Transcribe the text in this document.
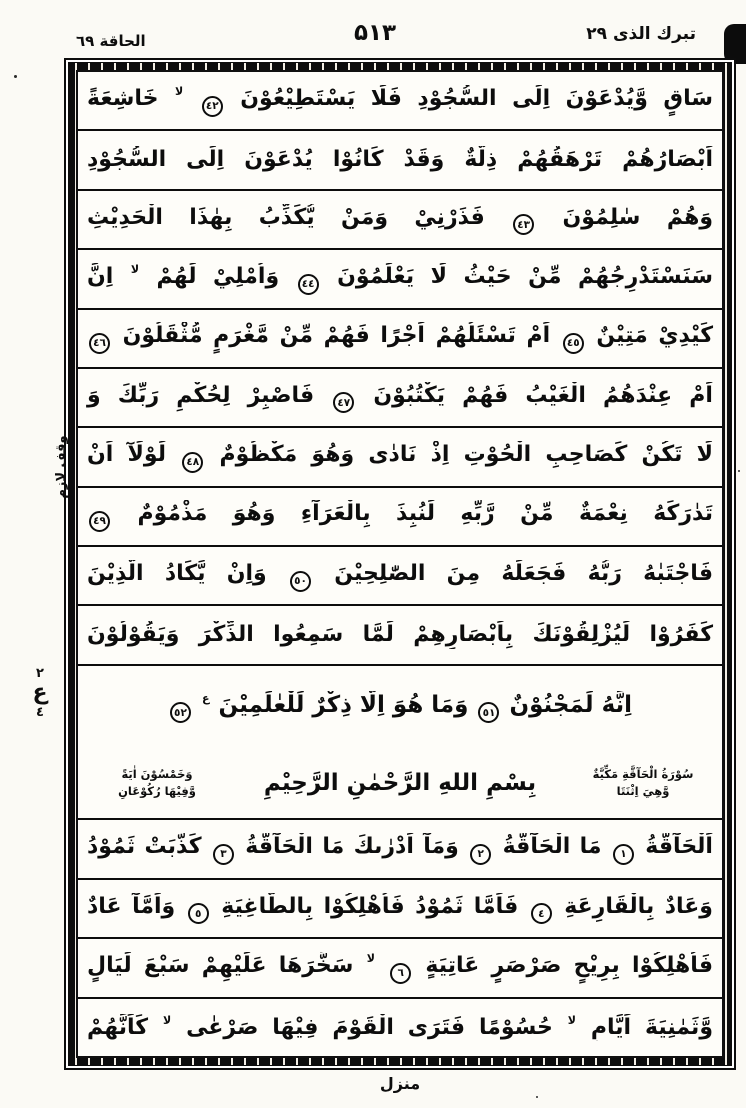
تبرك الذى ٢٩
۵۱۳
الحاقة ٦٩
سَاقٍ وَّيُدْعَوْنَ اِلَى السُّجُوْدِ فَلَا يَسْتَطِيْعُوْنَ ٤٢ $^{لا}$ خَاشِعَةً
اَبْصَارُهُمْ تَرْهَقُهُمْ ذِلَّةٌ وَقَدْ كَانُوْا يُدْعَوْنَ اِلَى السُّجُوْدِ
وَهُمْ سٰلِمُوْنَ ٤٣ فَذَرْنِيْ وَمَنْ يُّكَذِّبُ بِهٰذَا الْحَدِيْثِ
سَنَسْتَدْرِجُهُمْ مِّنْ حَيْثُ لَا يَعْلَمُوْنَ ٤٤ وَاُمْلِيْ لَهُمْ $^{لا}$ اِنَّ
كَيْدِيْ مَتِيْنٌ ٤٥ اَمْ تَسْئَلُهُمْ اَجْرًا فَهُمْ مِّنْ مَّغْرَمٍ مُّثْقَلُوْنَ ٤٦
اَمْ عِنْدَهُمُ الْغَيْبُ فَهُمْ يَكْتُبُوْنَ ٤٧ فَاصْبِرْ لِحُكْمِ رَبِّكَ وَ
لَا تَكُنْ كَصَاحِبِ الْحُوْتِ اِذْ نَادٰى وَهُوَ مَكْظُوْمٌ ٤٨ لَوْلَآ اَنْ
تَدٰرَكَهُ نِعْمَةٌ مِّنْ رَّبِّهِ لَنُبِذَ بِالْعَرَآءِ وَهُوَ مَذْمُوْمٌ ٤٩
فَاجْتَبٰهُ رَبُّهُ فَجَعَلَهُ مِنَ الصّٰلِحِيْنَ ٥٠ وَاِنْ يَّكَادُ الَّذِيْنَ
كَفَرُوْا لَيُزْلِقُوْنَكَ بِاَبْصَارِهِمْ لَمَّا سَمِعُوا الذِّكْرَ وَيَقُوْلُوْنَ
اِنَّهُ لَمَجْنُوْنٌ ٥١ وَمَا هُوَ اِلَّا ذِكْرٌ لِّلْعٰلَمِيْنَ $^ع$ ٥٢
سُوْرَةُ الْحَآقَّةِ مَكِّيَّةٌ
وَّهِيَ اِثْنَتَا
بِسْمِ اللهِ الرَّحْمٰنِ الرَّحِيْمِ
وَخَمْسُوْنَ اٰيَةً
وَّفِيْهَا رُكُوْعَانِ
اَلْحَآقَّةُ ١ مَا الْحَآقَّةُ ٢ وَمَآ اَدْرٰىكَ مَا الْحَآقَّةُ ٣ كَذَّبَتْ ثَمُوْدُ
وَعَادٌ بِالْقَارِعَةِ ٤ فَاَمَّا ثَمُوْدُ فَاُهْلِكُوْا بِالطَّاغِيَةِ ٥ وَاَمَّآ عَادٌ
فَاُهْلِكُوْا بِرِيْحٍ صَرْصَرٍ عَاتِيَةٍ ٦ $^{لا}$ سَخَّرَهَا عَلَيْهِمْ سَبْعَ لَيَالٍ
وَّثَمٰنِيَةَ اَيَّامٍ $^{لا}$ حُسُوْمًا فَتَرَى الْقَوْمَ فِيْهَا صَرْعٰى $^{لا}$ كَاَنَّهُمْ
وقف لازم
٢
ع
٤
منزل
